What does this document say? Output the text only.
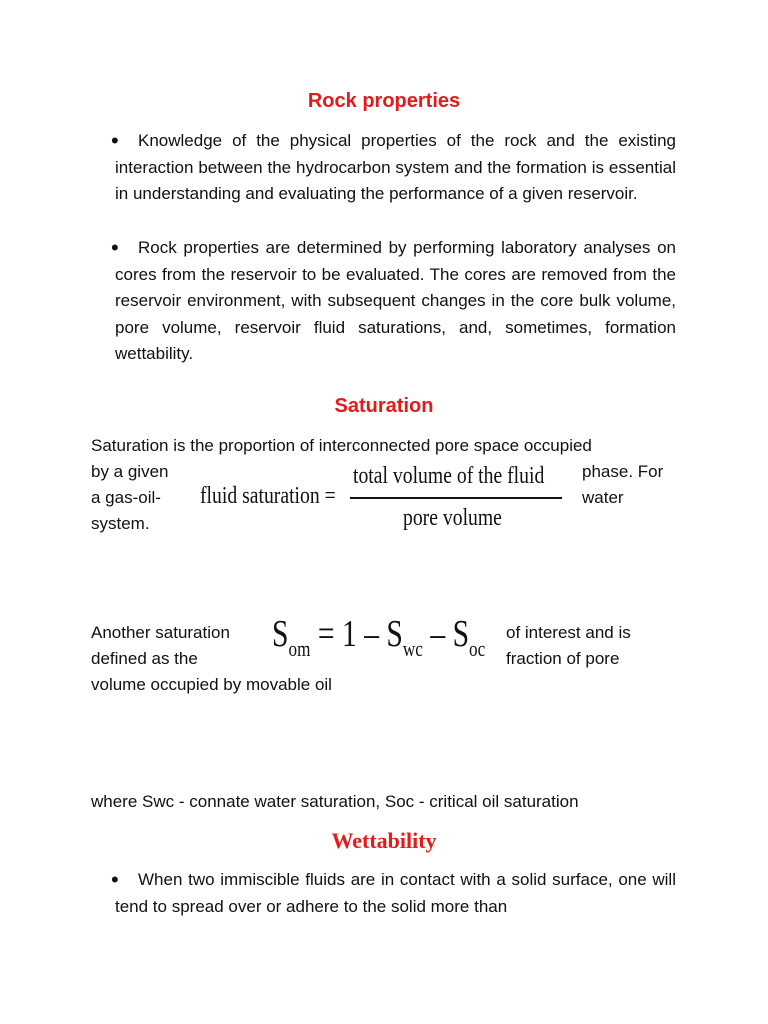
Rock properties
•	Knowledge of the physical properties of the rock and the existing interaction between the hydrocarbon system and the formation is essential in understanding and evaluating the performance of a given reservoir.
•	Rock properties are determined by performing laboratory analyses on cores from the reservoir to be evaluated. The cores are removed from the reservoir environment, with subsequent changes in the core bulk volume, pore volume, reservoir fluid saturations, and, sometimes, formation wettability.
Saturation
Saturation is the proportion of interconnected pore space occupied
by a given
a gas-oil-
system.
phase. For
water
fluid saturation =
total volume of the fluid
pore volume
Another saturation
defined as the
of interest and is
fraction of pore
volume occupied by movable oil
$S_{om} = 1 - S_{wc} - S_{oc}$
where Swc - connate water saturation, Soc - critical oil saturation
Wettability
•	When two immiscible fluids are in contact with a solid surface, one will tend to spread over or adhere to the solid more than
